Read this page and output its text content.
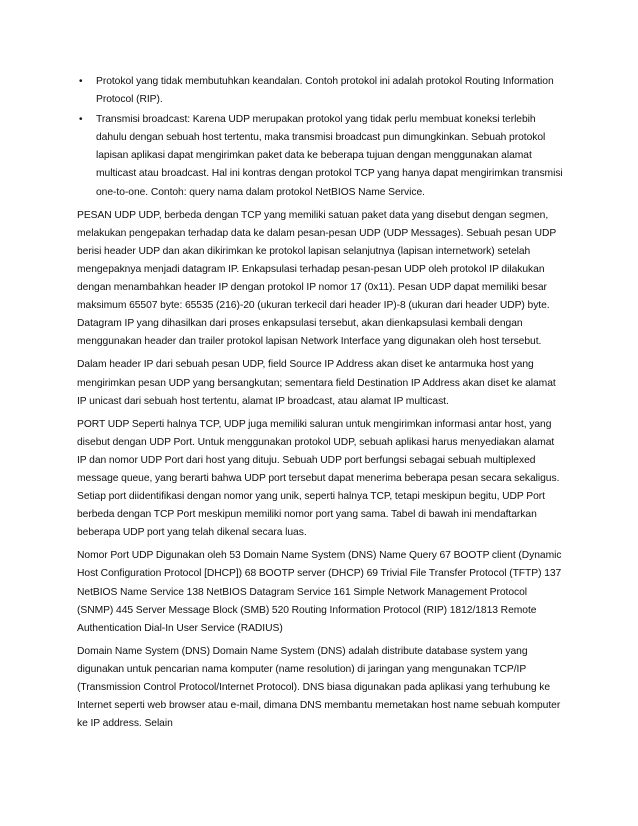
• Protokol yang tidak membutuhkan keandalan. Contoh protokol ini adalah protokol Routing Information Protocol (RIP).
• Transmisi broadcast: Karena UDP merupakan protokol yang tidak perlu membuat koneksi terlebih dahulu dengan sebuah host tertentu, maka transmisi broadcast pun dimungkinkan. Sebuah protokol lapisan aplikasi dapat mengirimkan paket data ke beberapa tujuan dengan menggunakan alamat multicast atau broadcast. Hal ini kontras dengan protokol TCP yang hanya dapat mengirimkan transmisi one-to-one. Contoh: query nama dalam protokol NetBIOS Name Service.

PESAN UDP UDP, berbeda dengan TCP yang memiliki satuan paket data yang disebut dengan segmen, melakukan pengepakan terhadap data ke dalam pesan-pesan UDP (UDP Messages). Sebuah pesan UDP berisi header UDP dan akan dikirimkan ke protokol lapisan selanjutnya (lapisan internetwork) setelah mengepaknya menjadi datagram IP. Enkapsulasi terhadap pesan-pesan UDP oleh protokol IP dilakukan dengan menambahkan header IP dengan protokol IP nomor 17 (0x11). Pesan UDP dapat memiliki besar maksimum 65507 byte: 65535 (216)-20 (ukuran terkecil dari header IP)-8 (ukuran dari header UDP) byte. Datagram IP yang dihasilkan dari proses enkapsulasi tersebut, akan dienkapsulasi kembali dengan menggunakan header dan trailer protokol lapisan Network Interface yang digunakan oleh host tersebut.

Dalam header IP dari sebuah pesan UDP, field Source IP Address akan diset ke antarmuka host yang mengirimkan pesan UDP yang bersangkutan; sementara field Destination IP Address akan diset ke alamat IP unicast dari sebuah host tertentu, alamat IP broadcast, atau alamat IP multicast.

PORT UDP Seperti halnya TCP, UDP juga memiliki saluran untuk mengirimkan informasi antar host, yang disebut dengan UDP Port. Untuk menggunakan protokol UDP, sebuah aplikasi harus menyediakan alamat IP dan nomor UDP Port dari host yang dituju. Sebuah UDP port berfungsi sebagai sebuah multiplexed message queue, yang berarti bahwa UDP port tersebut dapat menerima beberapa pesan secara sekaligus. Setiap port diidentifikasi dengan nomor yang unik, seperti halnya TCP, tetapi meskipun begitu, UDP Port berbeda dengan TCP Port meskipun memiliki nomor port yang sama. Tabel di bawah ini mendaftarkan beberapa UDP port yang telah dikenal secara luas.

Nomor Port UDP Digunakan oleh 53 Domain Name System (DNS) Name Query 67 BOOTP client (Dynamic Host Configuration Protocol [DHCP]) 68 BOOTP server (DHCP) 69 Trivial File Transfer Protocol (TFTP) 137 NetBIOS Name Service 138 NetBIOS Datagram Service 161 Simple Network Management Protocol (SNMP) 445 Server Message Block (SMB) 520 Routing Information Protocol (RIP) 1812/1813 Remote Authentication Dial-In User Service (RADIUS)

Domain Name System (DNS) Domain Name System (DNS) adalah distribute database system yang digunakan untuk pencarian nama komputer (name resolution) di jaringan yang mengunakan TCP/IP (Transmission Control Protocol/Internet Protocol). DNS biasa digunakan pada aplikasi yang terhubung ke Internet seperti web browser atau e-mail, dimana DNS membantu memetakan host name sebuah komputer ke IP address. Selain
